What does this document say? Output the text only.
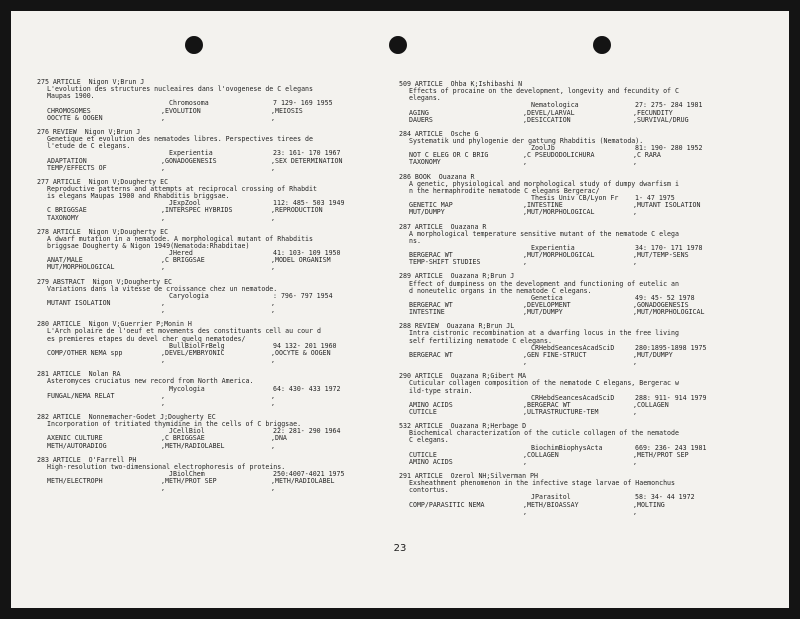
275 ARTICLE Nigon V;Brun J
L'evolution des structures nucleaires dans l'ovogenese de C elegans
Maupas 1900.
Chromosoma	7 129- 169 1955
CHROMOSOMES	,EVOLUTION	,MEIOSIS
OOCYTE & OOGEN	,	,
276 REVIEW Nigon V;Brun J
Genetique et evolution des nematodes libres. Perspectives tirees de
l'etude de C elegans.
Experientia	23: 161- 170 1967
ADAPTATION	,GONADOGENESIS	,SEX DETERMINATION
TEMP/EFFECTS OF	,	,
277 ARTICLE Nigon V;Dougherty EC
Reproductive patterns and attempts at reciprocal crossing of Rhabdit
is elegans Maupas 1900 and Rhabditis briggsae.
JExpZool	112: 485- 503 1949
C BRIGGSAE	,INTERSPEC HYBRIDS	,REPRODUCTION
TAXONOMY	,	,
278 ARTICLE Nigon V;Dougherty EC
A dwarf mutation in a nematode. A morphological mutant of Rhabditis
briggsae Dougherty & Nigon 1949(Nematoda:Rhabditae)
JHered	41: 103- 109 1950
ANAT/MALE	,C BRIGGSAE	,MODEL ORGANISM
MUT/MORPHOLOGICAL	,	,
279 ABSTRACT Nigon V;Dougherty EC
Variations dans la vitesse de croissance chez un nematode.
Caryologia	: 796- 797 1954
MUTANT ISOLATION	,	,
,	,
280 ARTICLE Nigon V;Guerrier P;Monin H
L'Arch polaire de l'oeuf et movements des constituants cell au cour d
es premieres etapes du devel cher quelq nematodes/
BullBiolFrBelg	94 132- 201 1960
COMP/OTHER NEMA spp	,DEVEL/EMBRYONIC	,OOCYTE & OOGEN
,	,
281 ARTICLE Nolan RA
Asteromyces cruciatus new record from North America.
Mycologia	64: 430- 433 1972
FUNGAL/NEMA RELAT	,	,
,	,
282 ARTICLE Nonnemacher-Godet J;Dougherty EC
Incorporation of tritiated thymidine in the cells of C briggsae.
JCellBiol	22: 281- 290 1964
AXENIC CULTURE	,C BRIGGSAE	,DNA
METH/AUTORADIOG	,METH/RADIOLABEL	,
283 ARTICLE O'Farrell PH
High-resolution two-dimensional electrophoresis of proteins.
JBiolChem	250:4007-4021 1975
METH/ELECTROPH	,METH/PROT SEP	,METH/RADIOLABEL
,	,
509 ARTICLE Ohba K;Ishibashi N
Effects of procaine on the development, longevity and fecundity of C
elegans.
Nematologica	27: 275- 284 1981
AGING	,DEVEL/LARVAL	,FECUNDITY
DAUERS	,DESICCATION	,SURVIVAL/DRUG
284 ARTICLE Osche G
Systematik und phylogenie der gattung Rhabditis (Nematoda).
ZoolJb	81: 190- 280 1952
NOT C ELEG OR C BRIG	,C PSEUDODOLICHURA	,C RARA
TAXONOMY	,	,
286 BOOK Ouazana R
A genetic, physiological and morphological study of dumpy dwarfism i
n the hermaphrodite nematode C elegans Bergerac/
Thesis Univ CB/Lyon Fr	1- 47 1975
GENETIC MAP	,INTESTINE	,MUTANT ISOLATION
MUT/DUMPY	,MUT/MORPHOLOGICAL	,
287 ARTICLE Ouazana R
A morphological temperature sensitive mutant of the nematode C elega
ns.
Experientia	34: 170- 171 1978
BERGERAC WT	,MUT/MORPHOLOGICAL	,MUT/TEMP-SENS
TEMP-SHIFT STUDIES	,	,
289 ARTICLE Ouazana R;Brun J
Effect of dumpiness on the development and functioning of eutelic an
d noneutelic organs in the nematode C elegans.
Genetica	49: 45- 52 1978
BERGERAC WT	,DEVELOPMENT	,GONADOGENESIS
INTESTINE	,MUT/DUMPY	,MUT/MORPHOLOGICAL
288 REVIEW Ouazana R;Brun JL
Intra cistronic recombination at a dwarfing locus in the free living
self fertilizing nematode C elegans.
CRHebdSeancesAcadSciD	280:1895-1898 1975
BERGERAC WT	,GEN FINE-STRUCT	,MUT/DUMPY
,	,
290 ARTICLE Ouazana R;Gibert MA
Cuticular collagen composition of the nematode C elegans, Bergerac w
ild-type strain.
CRHebdSeancesAcadSciD	288: 911- 914 1979
AMINO ACIDS	,BERGERAC WT	,COLLAGEN
CUTICLE	,ULTRASTRUCTURE-TEM	,
532 ARTICLE Ouazana R;Herbage D
Biochemical characterization of the cuticle collagen of the nematode
C elegans.
BiochimBiophysActa	669: 236- 243 1981
CUTICLE	,COLLAGEN	,METH/PROT SEP
AMINO ACIDS	,	,
291 ARTICLE Ozerol NH;Silverman PH
Exsheathment phenomenon in the infective stage larvae of Haemonchus
contortus.
JParasitol	58: 34- 44 1972
COMP/PARASITIC NEMA	,METH/BIOASSAY	,MOLTING
,	,
23
